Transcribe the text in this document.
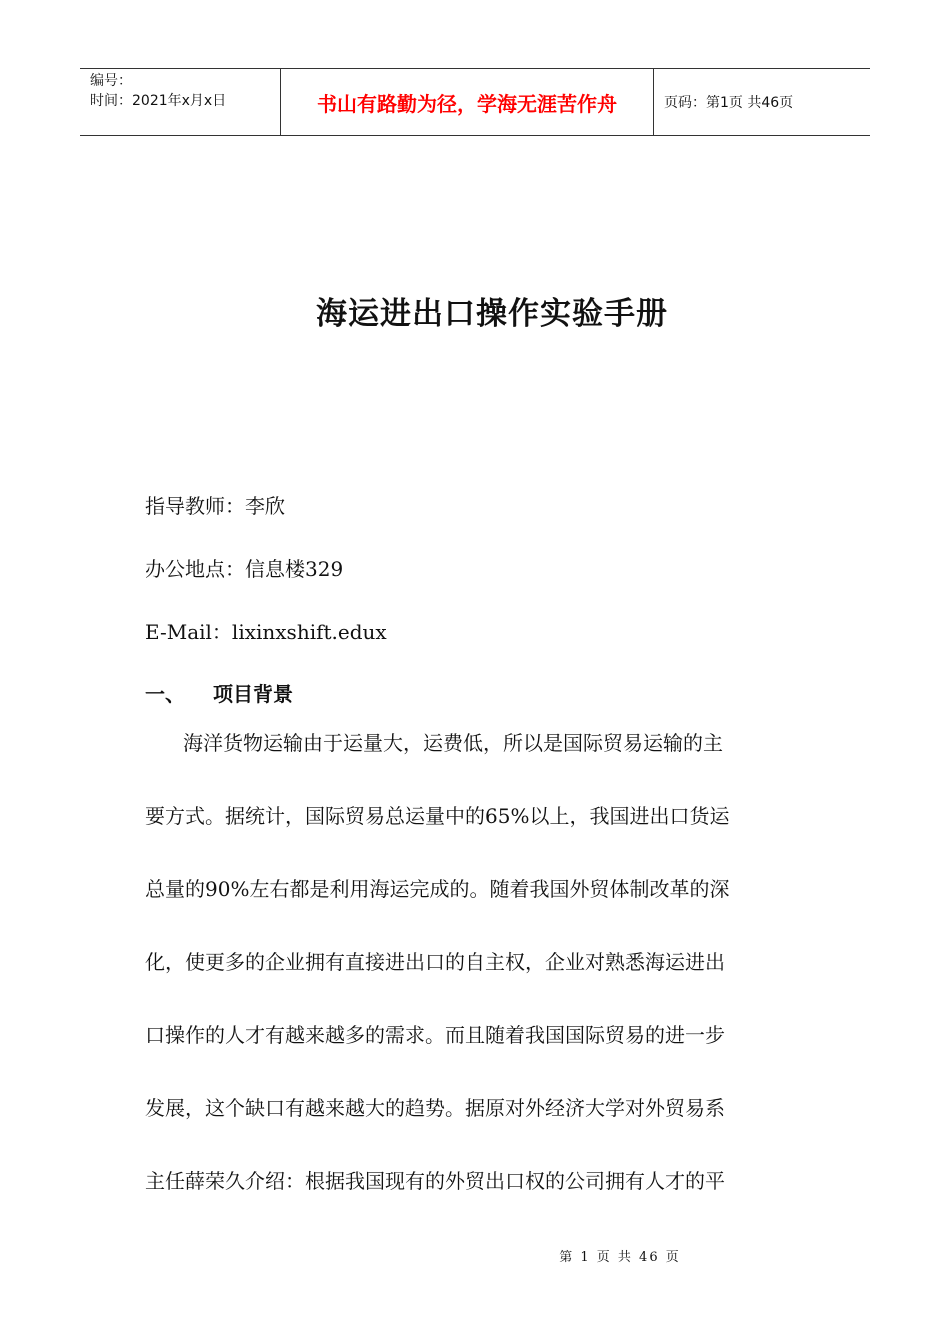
编号：
时间：2021年x月x日	书山有路勤为径，学海无涯苦作舟	页码：第1页 共46页
海运进出口操作实验手册
指导教师：李欣
办公地点：信息楼329
E-Mail：lixinxshift.edux
一、 项目背景
海洋货物运输由于运量大，运费低，所以是国际贸易运输的主
要方式。据统计，国际贸易总运量中的65%以上，我国进出口货运
总量的90%左右都是利用海运完成的。随着我国外贸体制改革的深
化，使更多的企业拥有直接进出口的自主权，企业对熟悉海运进出
口操作的人才有越来越多的需求。而且随着我国国际贸易的进一步
发展，这个缺口有越来越大的趋势。据原对外经济大学对外贸易系
主任薛荣久介绍：根据我国现有的外贸出口权的公司拥有人才的平
第 1 页 共 46 页
